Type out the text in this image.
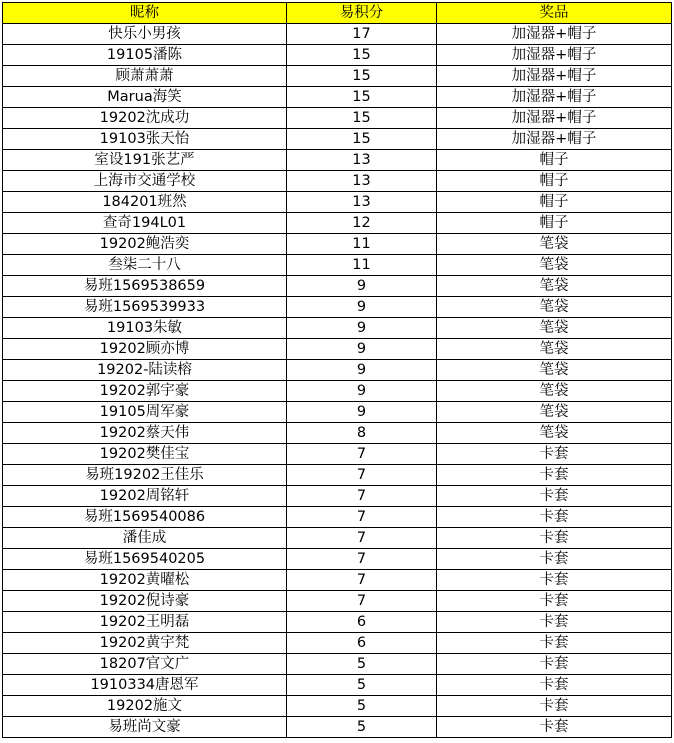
昵称	易积分	奖品
快乐小男孩	17	加湿器+帽子
19105潘陈	15	加湿器+帽子
顾萧萧萧	15	加湿器+帽子
Marua海笑	15	加湿器+帽子
19202沈成功	15	加湿器+帽子
19103张天怡	15	加湿器+帽子
室设191张艺严	13	帽子
上海市交通学校	13	帽子
184201班然	13	帽子
查奇194L01	12	帽子
19202鲍浩奕	11	笔袋
叁柒二十八	11	笔袋
易班1569538659	9	笔袋
易班1569539933	9	笔袋
19103朱敏	9	笔袋
19202顾亦博	9	笔袋
19202-陆读榕	9	笔袋
19202郭宇豪	9	笔袋
19105周军豪	9	笔袋
19202蔡天伟	8	笔袋
19202樊佳宝	7	卡套
易班19202王佳乐	7	卡套
19202周铭轩	7	卡套
易班1569540086	7	卡套
潘佳成	7	卡套
易班1569540205	7	卡套
19202黄曜松	7	卡套
19202倪诗豪	7	卡套
19202王明磊	6	卡套
19202黄宇梵	6	卡套
18207官文广	5	卡套
1910334唐恩军	5	卡套
19202施文	5	卡套
易班尚文豪	5	卡套
